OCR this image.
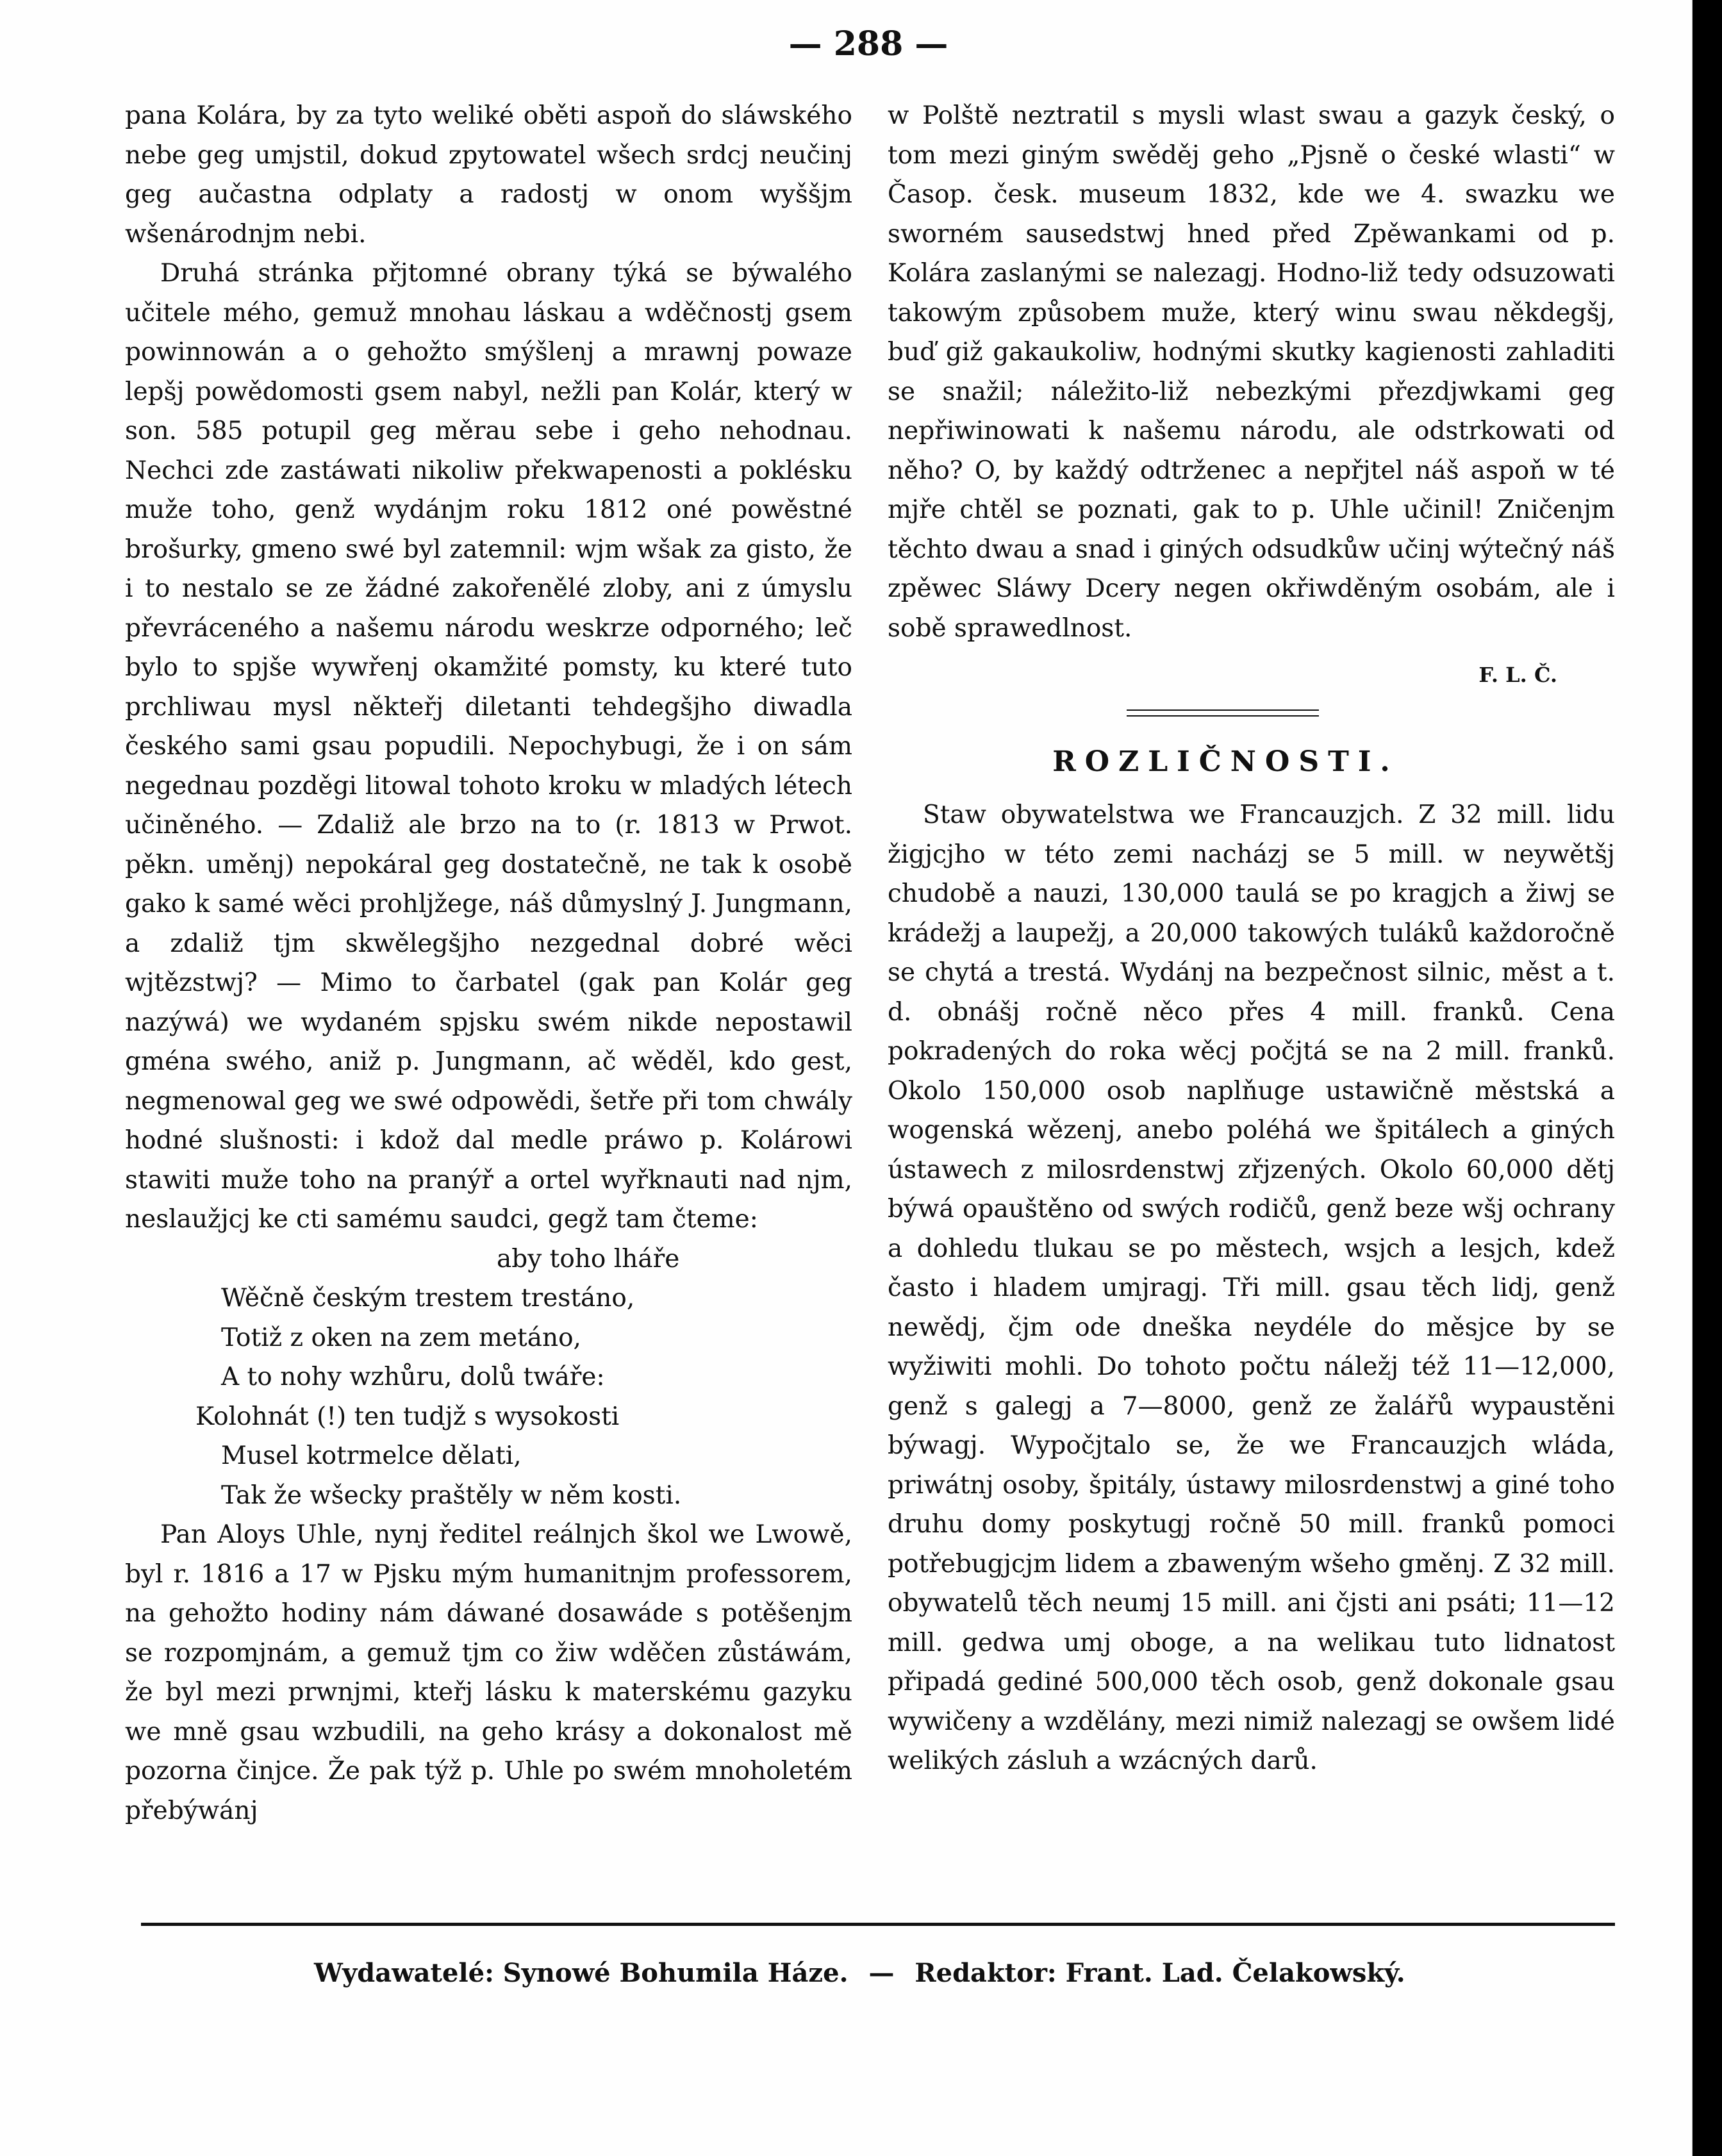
— 288 —

pana Kolára, by za tyto weliké oběti aspoň do sláwského nebe geg umjstil, dokud zpytowatel wšech srdcj neučinj geg aučastna odplaty a radostj w onom wyššjm wšenárodnjm nebi.

Druhá stránka přjtomné obrany týká se býwalého učitele mého, gemuž mnohau láskau a wděčnostj gsem powinnowán a o gehožto smýšlenj a mrawnj powaze lepšj powědomosti gsem nabyl, nežli pan Kolár, který w son. 585 potupil geg měrau sebe i geho nehodnau. Nechci zde zastáwati nikoliw překwapenosti a poklésku muže toho, genž wydánjm roku 1812 oné powěstné brošurky, gmeno swé byl zatemnil: wjm wšak za gisto, že i to nestalo se ze žádné zakořenělé zloby, ani z úmyslu převráceného a našemu národu weskrze odporného; leč bylo to spjše wywřenj okamžité pomsty, ku které tuto prchliwau mysl někteřj diletanti tehdegšjho diwadla českého sami gsau popudili. Nepochybugi, že i on sám negednau pozděgi litowal tohoto kroku w mladých létech učiněného. — Zdaliž ale brzo na to (r. 1813 w Prwot. pěkn. uměnj) nepokáral geg dostatečně, ne tak k osobě gako k samé wěci prohljžege, náš důmyslný J. Jungmann, a zdaliž tjm skwělegšjho nezgednal dobré wěci wjtězstwj? — Mimo to čarbatel (gak pan Kolár geg nazýwá) we wydaném spjsku swém nikde nepostawil gména swého, aniž p. Jungmann, ač wěděl, kdo gest, negmenowal geg we swé odpowědi, šetře při tom chwály hodné slušnosti: i kdož dal medle práwo p. Kolárowi stawiti muže toho na pranýř a ortel wyřknauti nad njm, neslaužjcj ke cti samému saudci, gegž tam čteme:

aby toho lháře
Wěčně českým trestem trestáno,
Totiž z oken na zem metáno,
A to nohy wzhůru, dolů twáře:
Kolohnát (!) ten tudjž s wysokosti
Musel kotrmelce dělati,
Tak že wšecky praštěly w něm kosti.

Pan Aloys Uhle, nynj ředitel reálnjch škol we Lwowě, byl r. 1816 a 17 w Pjsku mým humanitnjm professorem, na gehožto hodiny nám dáwané dosawáde s potěšenjm se rozpomjnám, a gemuž tjm co žiw wděčen zůstáwám, že byl mezi prwnjmi, kteřj lásku k materskému gazyku we mně gsau wzbudili, na geho krásy a dokonalost mě pozorna činjce. Že pak týž p. Uhle po swém mnoholetém přebýwánj

w Polště neztratil s mysli wlast swau a gazyk český, o tom mezi giným swěděj geho „Pjsně o české wlasti“ w Časop. česk. museum 1832, kde we 4. swazku we sworném sausedstwj hned před Zpěwankami od p. Kolára zaslanými se nalezagj. Hodno-liž tedy odsuzowati takowým způsobem muže, který winu swau někdegšj, buď giž gakaukoliw, hodnými skutky kagienosti zahladiti se snažil; náležito-liž nebezkými přezdjwkami geg nepřiwinowati k našemu národu, ale odstrkowati od něho? O, by každý odtrženec a nepřjtel náš aspoň w té mjře chtěl se poznati, gak to p. Uhle učinil! Zničenjm těchto dwau a snad i giných odsudkůw učinj wýtečný náš zpěwec Sláwy Dcery negen okřiwděným osobám, ale i sobě sprawedlnost.

F. L. Č.
ROZLIČNOSTI.

Staw obywatelstwa we Francauzjch. Z 32 mill. lidu žigjcjho w této zemi nacházj se 5 mill. w neywětšj chudobě a nauzi, 130,000 taulá se po kragjch a žiwj se krádežj a laupežj, a 20,000 takowých tuláků každoročně se chytá a trestá. Wydánj na bezpečnost silnic, měst a t. d. obnášj ročně něco přes 4 mill. franků. Cena pokradených do roka wěcj počjtá se na 2 mill. franků. Okolo 150,000 osob naplňuge ustawičně městská a wogenská wězenj, anebo poléhá we špitálech a giných ústawech z milosrdenstwj zřjzených. Okolo 60,000 dětj býwá opauštěno od swých rodičů, genž beze wšj ochrany a dohledu tlukau se po městech, wsjch a lesjch, kdež často i hladem umjragj. Tři mill. gsau těch lidj, genž newědj, čjm ode dneška neydéle do měsjce by se wyžiwiti mohli. Do tohoto počtu náležj též 11—12,000, genž s galegj a 7—8000, genž ze žalářů wypaustěni býwagj. Wypočjtalo se, že we Francauzjch wláda, priwátnj osoby, špitály, ústawy milosrdenstwj a giné toho druhu domy poskytugj ročně 50 mill. franků pomoci potřebugjcjm lidem a zbaweným wšeho gměnj. Z 32 mill. obywatelů těch neumj 15 mill. ani čjsti ani psáti; 11—12 mill. gedwa umj oboge, a na welikau tuto lidnatost připadá gediné 500,000 těch osob, genž dokonale gsau wywičeny a wzdělány, mezi nimiž nalezagj se owšem lidé welikých zásluh a wzácných darů.

Wydawatelé: Synowé Bohumila Háze. — Redaktor: Frant. Lad. Čelakowský.
